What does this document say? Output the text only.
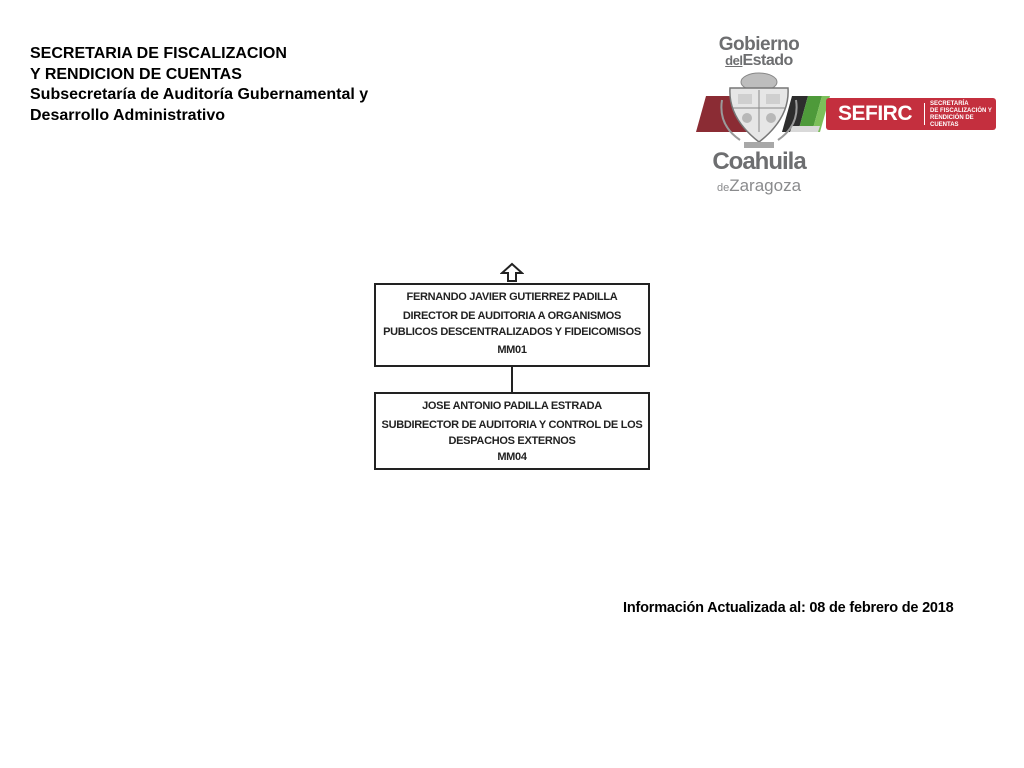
SECRETARIA DE FISCALIZACION
Y RENDICION DE CUENTAS
Subsecretaría de Auditoría Gubernamental y
Desarrollo Administrativo
Gobierno
delEstado
SEFIRC	SECRETARÍA
DE FISCALIZACIÓN Y
RENDICIÓN DE CUENTAS
Coahuila
deZaragoza
FERNANDO JAVIER GUTIERREZ PADILLA
DIRECTOR DE AUDITORIA A ORGANISMOS
PUBLICOS DESCENTRALIZADOS Y FIDEICOMISOS
MM01
JOSE ANTONIO PADILLA ESTRADA
SUBDIRECTOR DE AUDITORIA Y CONTROL DE LOS
DESPACHOS EXTERNOS
MM04
Información Actualizada al: 08 de febrero de 2018
